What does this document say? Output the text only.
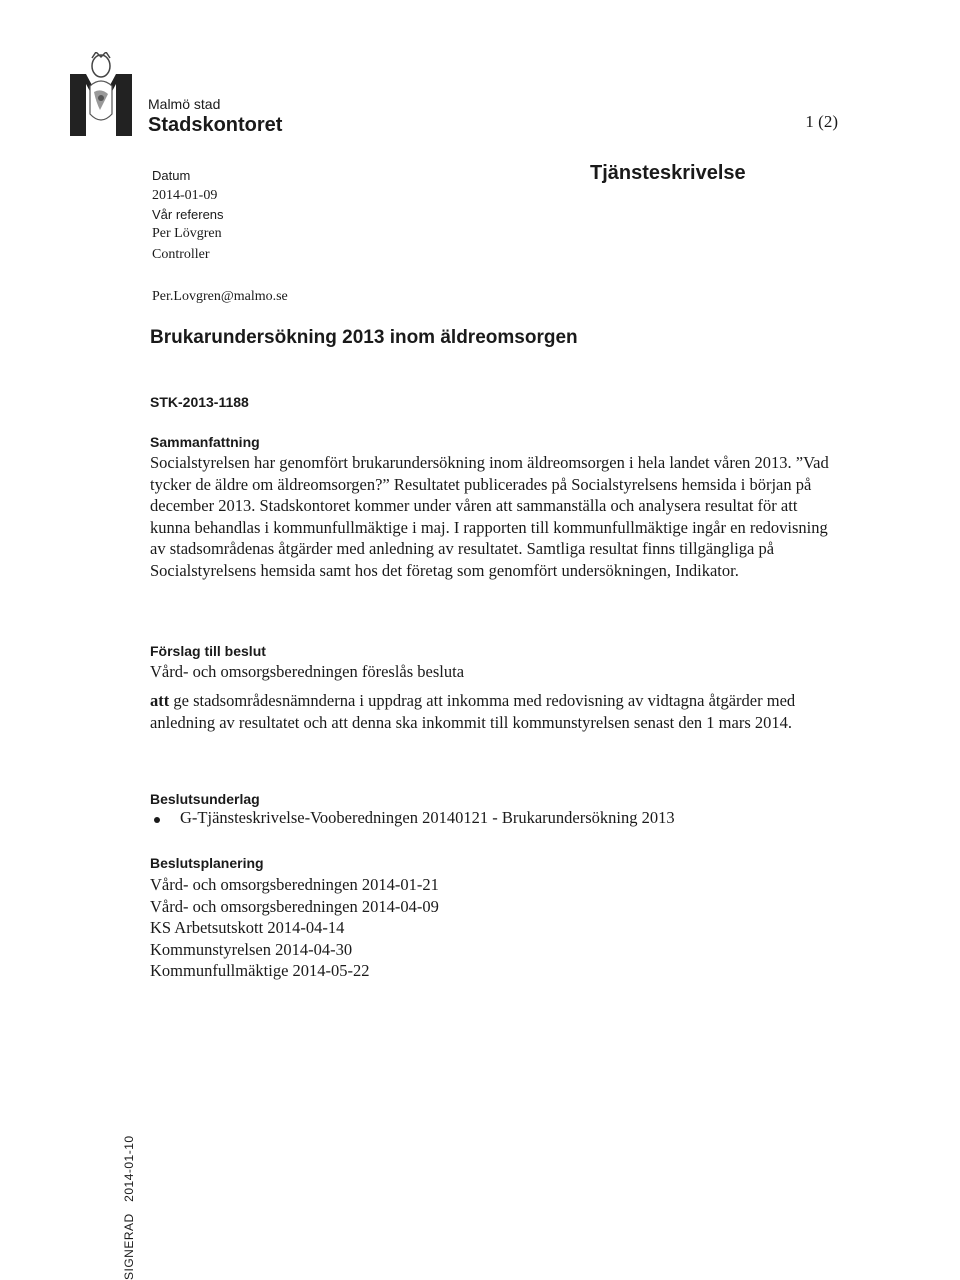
Malmö stad
Stadskontoret	1 (2)
Datum
2014-01-09
Vår referens
Per Lövgren
Controller
Per.Lovgren@malmo.se
Tjänsteskrivelse
Brukarundersökning 2013 inom äldreomsorgen
STK-2013-1188
Sammanfattning

Socialstyrelsen har genomfört brukarundersökning inom äldreomsorgen i hela landet våren 2013. ”Vad tycker de äldre om äldreomsorgen?” Resultatet publicerades på Socialstyrelsens hemsida i början på december 2013. Stadskontoret kommer under våren att sammanställa och analysera resultat för att kunna behandlas i kommunfullmäktige i maj. I rapporten till kommunfullmäktige ingår en redovisning av stadsområdenas åtgärder med anledning av resultatet. Samtliga resultat finns tillgängliga på Socialstyrelsens hemsida samt hos det företag som genomfört undersökningen, Indikator.

Förslag till beslut
Vård- och omsorgsberedningen föreslås besluta

att ge stadsområdesnämnderna i uppdrag att inkomma med redovisning av vidtagna åtgärder med anledning av resultatet och att denna ska inkommit till kommunstyrelsen senast den 1 mars 2014.

Beslutsunderlag
G-Tjänsteskrivelse-Vooberedningen 20140121 - Brukarundersökning 2013
Beslutsplanering
Vård- och omsorgsberedningen 2014-01-21
Vård- och omsorgsberedningen 2014-04-09
KS Arbetsutskott 2014-04-14
Kommunstyrelsen 2014-04-30
Kommunfullmäktige 2014-05-22
SIGNERAD   2014-01-10
